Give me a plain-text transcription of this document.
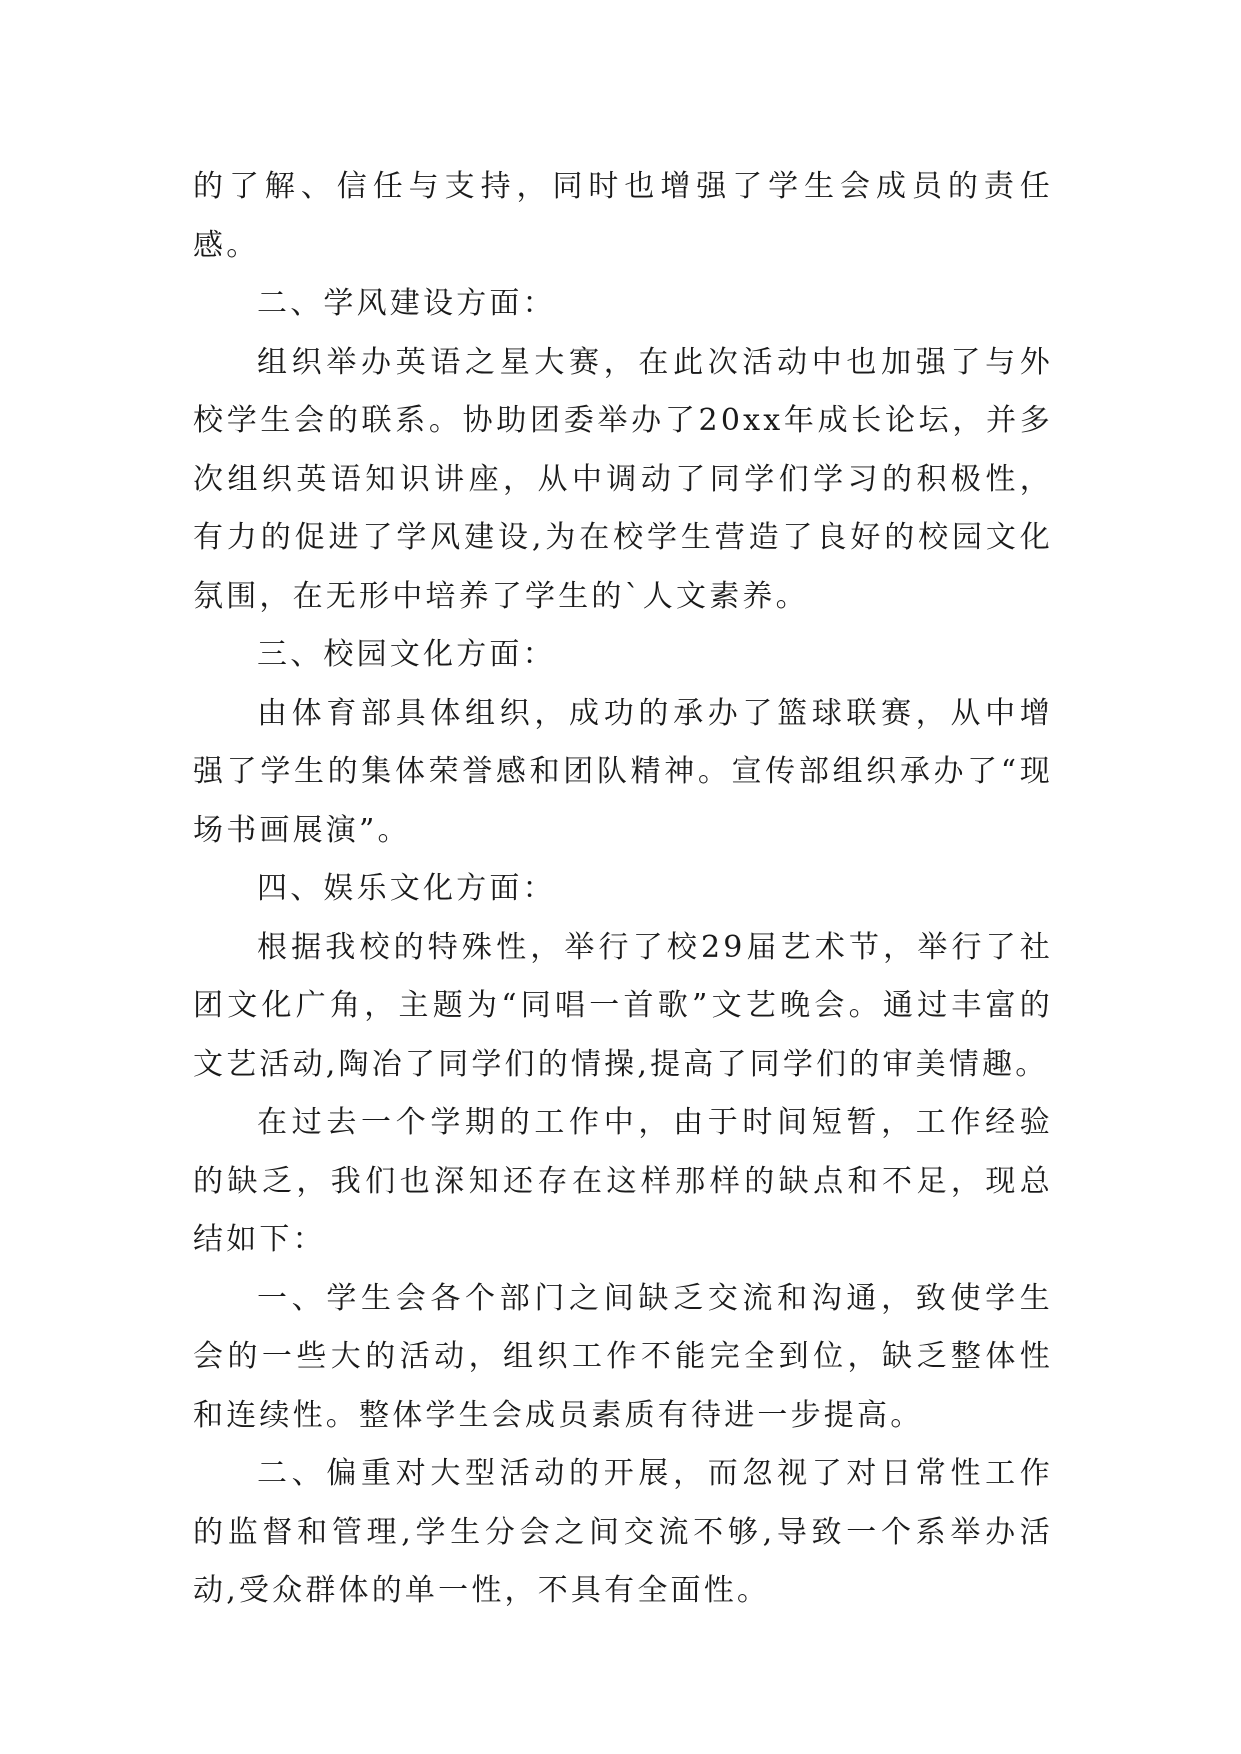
的了解、信任与支持，同时也增强了学生会成员的责任感。

二、学风建设方面：

组织举办英语之星大赛，在此次活动中也加强了与外校学生会的联系。协助团委举办了20xx年成长论坛，并多次组织英语知识讲座，从中调动了同学们学习的积极性，有力的促进了学风建设,为在校学生营造了良好的校园文化氛围，在无形中培养了学生的`人文素养。

三、校园文化方面：

由体育部具体组织，成功的承办了篮球联赛，从中增强了学生的集体荣誉感和团队精神。宣传部组织承办了“现场书画展演”。

四、娱乐文化方面：

根据我校的特殊性，举行了校29届艺术节，举行了社团文化广角，主题为“同唱一首歌”文艺晚会。通过丰富的文艺活动,陶冶了同学们的情操,提高了同学们的审美情趣。

在过去一个学期的工作中，由于时间短暂，工作经验的缺乏，我们也深知还存在这样那样的缺点和不足，现总结如下：

一、学生会各个部门之间缺乏交流和沟通，致使学生会的一些大的活动，组织工作不能完全到位，缺乏整体性和连续性。整体学生会成员素质有待进一步提高。

二、偏重对大型活动的开展，而忽视了对日常性工作的监督和管理,学生分会之间交流不够,导致一个系举办活动,受众群体的单一性，不具有全面性。
